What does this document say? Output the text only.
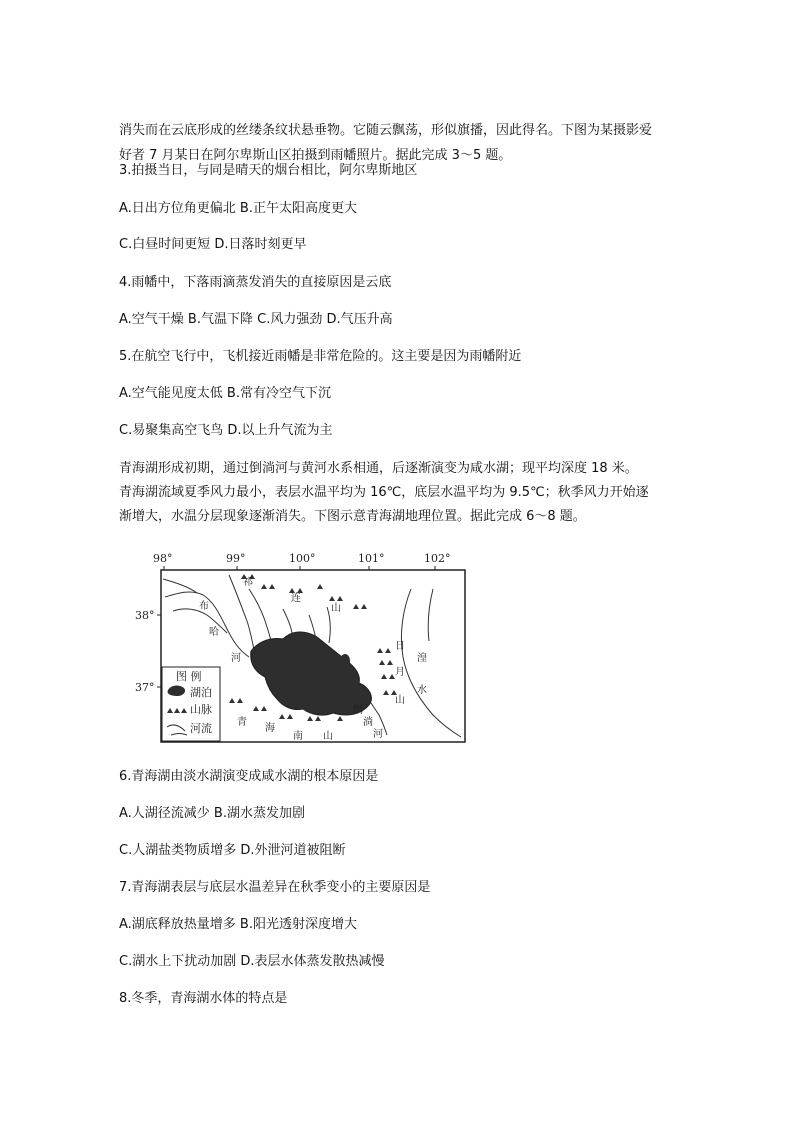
消失而在云底形成的丝缕条纹状悬垂物。它随云飘荡，形似旗播，因此得名。下图为某摄影爱

好者 7 月某日在阿尔卑斯山区拍摄到雨幡照片。据此完成 3～5 题。

3.拍摄当日，与同是晴天的烟台相比，阿尔卑斯地区

A.日出方位角更偏北 B.正午太阳高度更大

C.白昼时间更短 D.日落时刻更早

4.雨幡中，下落雨滴蒸发消失的直接原因是云底

A.空气干燥 B.气温下降 C.风力强劲 D.气压升高

5.在航空飞行中，飞机接近雨幡是非常危险的。这主要是因为雨幡附近

A.空气能见度太低 B.常有冷空气下沉

C.易聚集高空飞鸟 D.以上升气流为主

青海湖形成初期，通过倒淌河与黄河水系相通，后逐渐演变为咸水湖；现平均深度 18 米。

青海湖流域夏季风力最小，表层水温平均为 16℃，底层水温平均为 9.5℃；秋季风力开始逐

渐增大，水温分层现象逐渐消失。下图示意青海湖地理位置。据此完成 6～8 题。

98°	99°	100°	101°	102°
38°
37°
祁
连
山
布
哈
河
日
月
山
湟
水
倒
淌
河
青
海
南 山
图 例
湖泊
山脉
河流

6.青海湖由淡水湖演变成咸水湖的根本原因是

A.人湖径流减少 B.湖水蒸发加剧

C.人湖盐类物质增多 D.外泄河道被阻断

7.青海湖表层与底层水温差异在秋季变小的主要原因是

A.湖底释放热量增多 B.阳光透射深度增大

C.湖水上下扰动加剧 D.表层水体蒸发散热减慢

8.冬季，青海湖水体的特点是
